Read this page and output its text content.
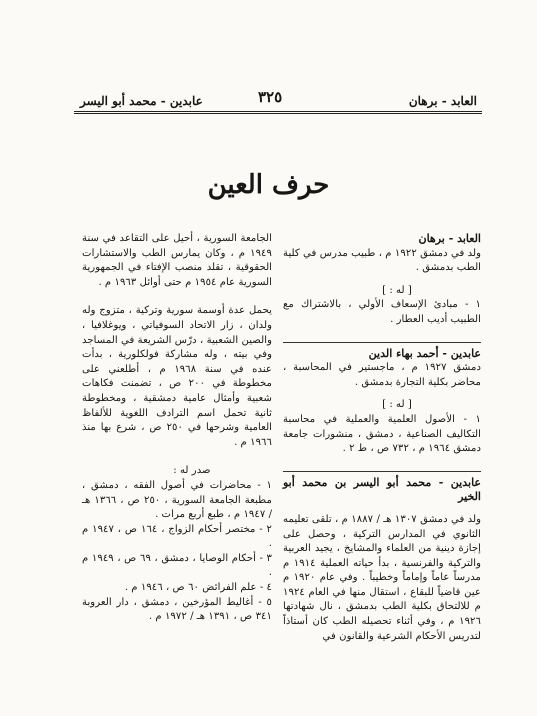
العابد - برهان
٣٢٥
عابدين - محمد أبو اليسر
حرف العين

العابد - برهان

ولد في دمشق ١٩٢٢ م ، طبيب مدرس في كلية الطب بدمشق .

[ له : ]

١ - مبادئ الإسعاف الأولي ، بالاشتراك مع الطبيب أديب العطار .

عابدين - أحمد بهاء الدين

دمشق ١٩٢٧ م ، ماجستير في المحاسبة ، محاضر بكلية التجارة بدمشق .

[ له : ]

١ - الأصول العلمية والعملية في محاسبة التكاليف الصناعية ، دمشق ، منشورات جامعة دمشق ١٩٦٤ م ، ٧٣٢ ص ، ط ٢ .

عابدين - محمد أبو اليسر بن محمد أبو الخير

ولد في دمشق ١٣٠٧ هـ / ١٨٨٧ م ، تلقى تعليمه الثانوي في المدارس التركية ، وحصل على إجازة دينية من العلماء والمشايخ ، يجيد العربية والتركية والفرنسية ، بدأ حياته العملية ١٩١٤ م مدرساً عاماً وإماماً وخطيباً . وفي عام ١٩٢٠ م عين قاضياً للبقاع ، استقال منها في العام ١٩٢٤ م للالتحاق بكلية الطب بدمشق ، نال شهادتها ١٩٢٦ م ، وفي أثناء تحصيله الطب كان أستاذاً لتدريس الأحكام الشرعية والقانون في

الجامعة السورية ، أحيل على التقاعد في سنة ١٩٤٩ م ، وكان يمارس الطب والاستشارات الحقوقية ، تقلد منصب الإفتاء في الجمهورية السورية عام ١٩٥٤ م حتى أوائل ١٩٦٣ م .

يحمل عدة أوسمة سورية وتركية ، متزوج وله ولدان ، زار الاتحاد السوفياتي ، ويوغلافيا ، والصين الشعبية ، درّس الشريعة في المساجد وفي بيته ، وله مشاركة فولكلورية ، بدأت عنده في سنة ١٩٦٨ م ، أطلعني على مخطوطة في ٢٠٠ ص ، تضمنت فكاهات شعبية وأمثال عامية دمشقية ، ومخطوطة ثانية تحمل اسم الترادف اللغوية للألفاظ العامية وشرحها في ٢٥٠ ص ، شرع بها منذ ١٩٦٦ م .

صدر له :

١ - محاضرات في أصول الفقه ، دمشق ، مطبعة الجامعة السورية ، ٢٥٠ ص ، ١٣٦٦ هـ / ١٩٤٧ م ، طبع أربع مرات .

٢ - مختصر أحكام الزواج ، ١٦٤ ص ، ١٩٤٧ م .

٣ - أحكام الوصايا ، دمشق ، ٦٩ ص ، ١٩٤٩ م .

٤ - علم الفرائض ٦٠ ص ، ١٩٤٦ م .

٥ - أغاليط المؤرخين ، دمشق ، دار العروبة ٣٤١ ص ، ١٣٩١ هـ / ١٩٧٢ م .
